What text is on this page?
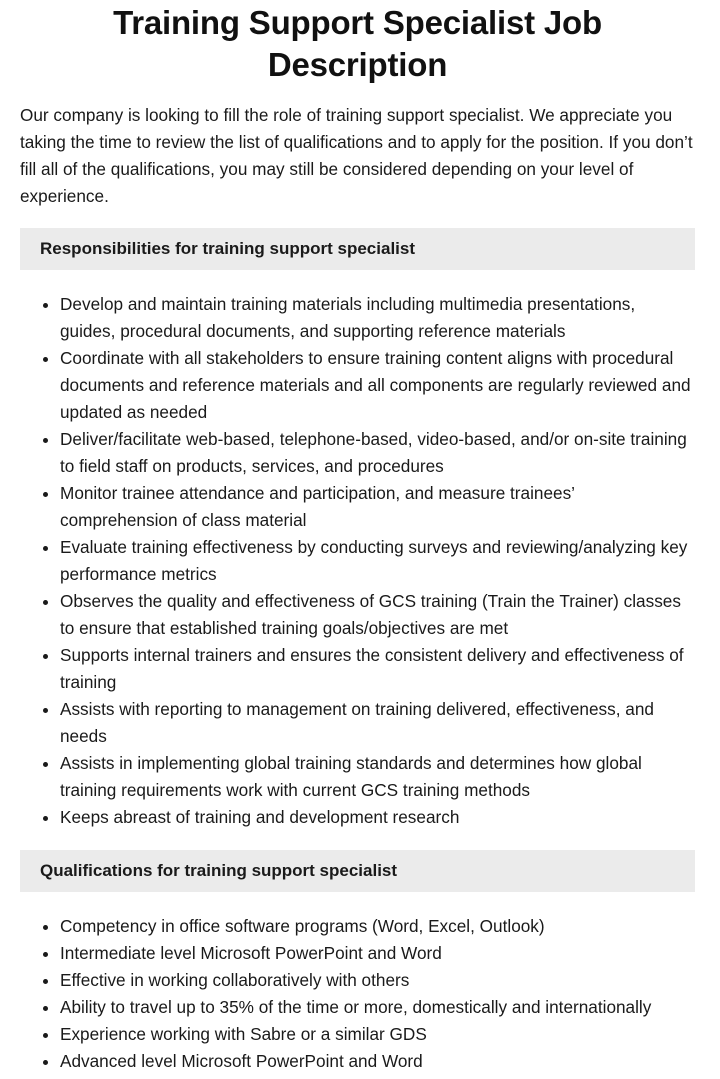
Training Support Specialist Job Description

Our company is looking to fill the role of training support specialist. We appreciate you taking the time to review the list of qualifications and to apply for the position. If you don’t fill all of the qualifications, you may still be considered depending on your level of experience.

Responsibilities for training support specialist
• Develop and maintain training materials including multimedia presentations, guides, procedural documents, and supporting reference materials
• Coordinate with all stakeholders to ensure training content aligns with procedural documents and reference materials and all components are regularly reviewed and updated as needed
• Deliver/facilitate web-based, telephone-based, video-based, and/or on-site training to field staff on products, services, and procedures
• Monitor trainee attendance and participation, and measure trainees’ comprehension of class material
• Evaluate training effectiveness by conducting surveys and reviewing/analyzing key performance metrics
• Observes the quality and effectiveness of GCS training (Train the Trainer) classes to ensure that established training goals/objectives are met
• Supports internal trainers and ensures the consistent delivery and effectiveness of training
• Assists with reporting to management on training delivered, effectiveness, and needs
• Assists in implementing global training standards and determines how global training requirements work with current GCS training methods
• Keeps abreast of training and development research
Qualifications for training support specialist
• Competency in office software programs (Word, Excel, Outlook)
• Intermediate level Microsoft PowerPoint and Word
• Effective in working collaboratively with others
• Ability to travel up to 35% of the time or more, domestically and internationally
• Experience working with Sabre or a similar GDS
• Advanced level Microsoft PowerPoint and Word
